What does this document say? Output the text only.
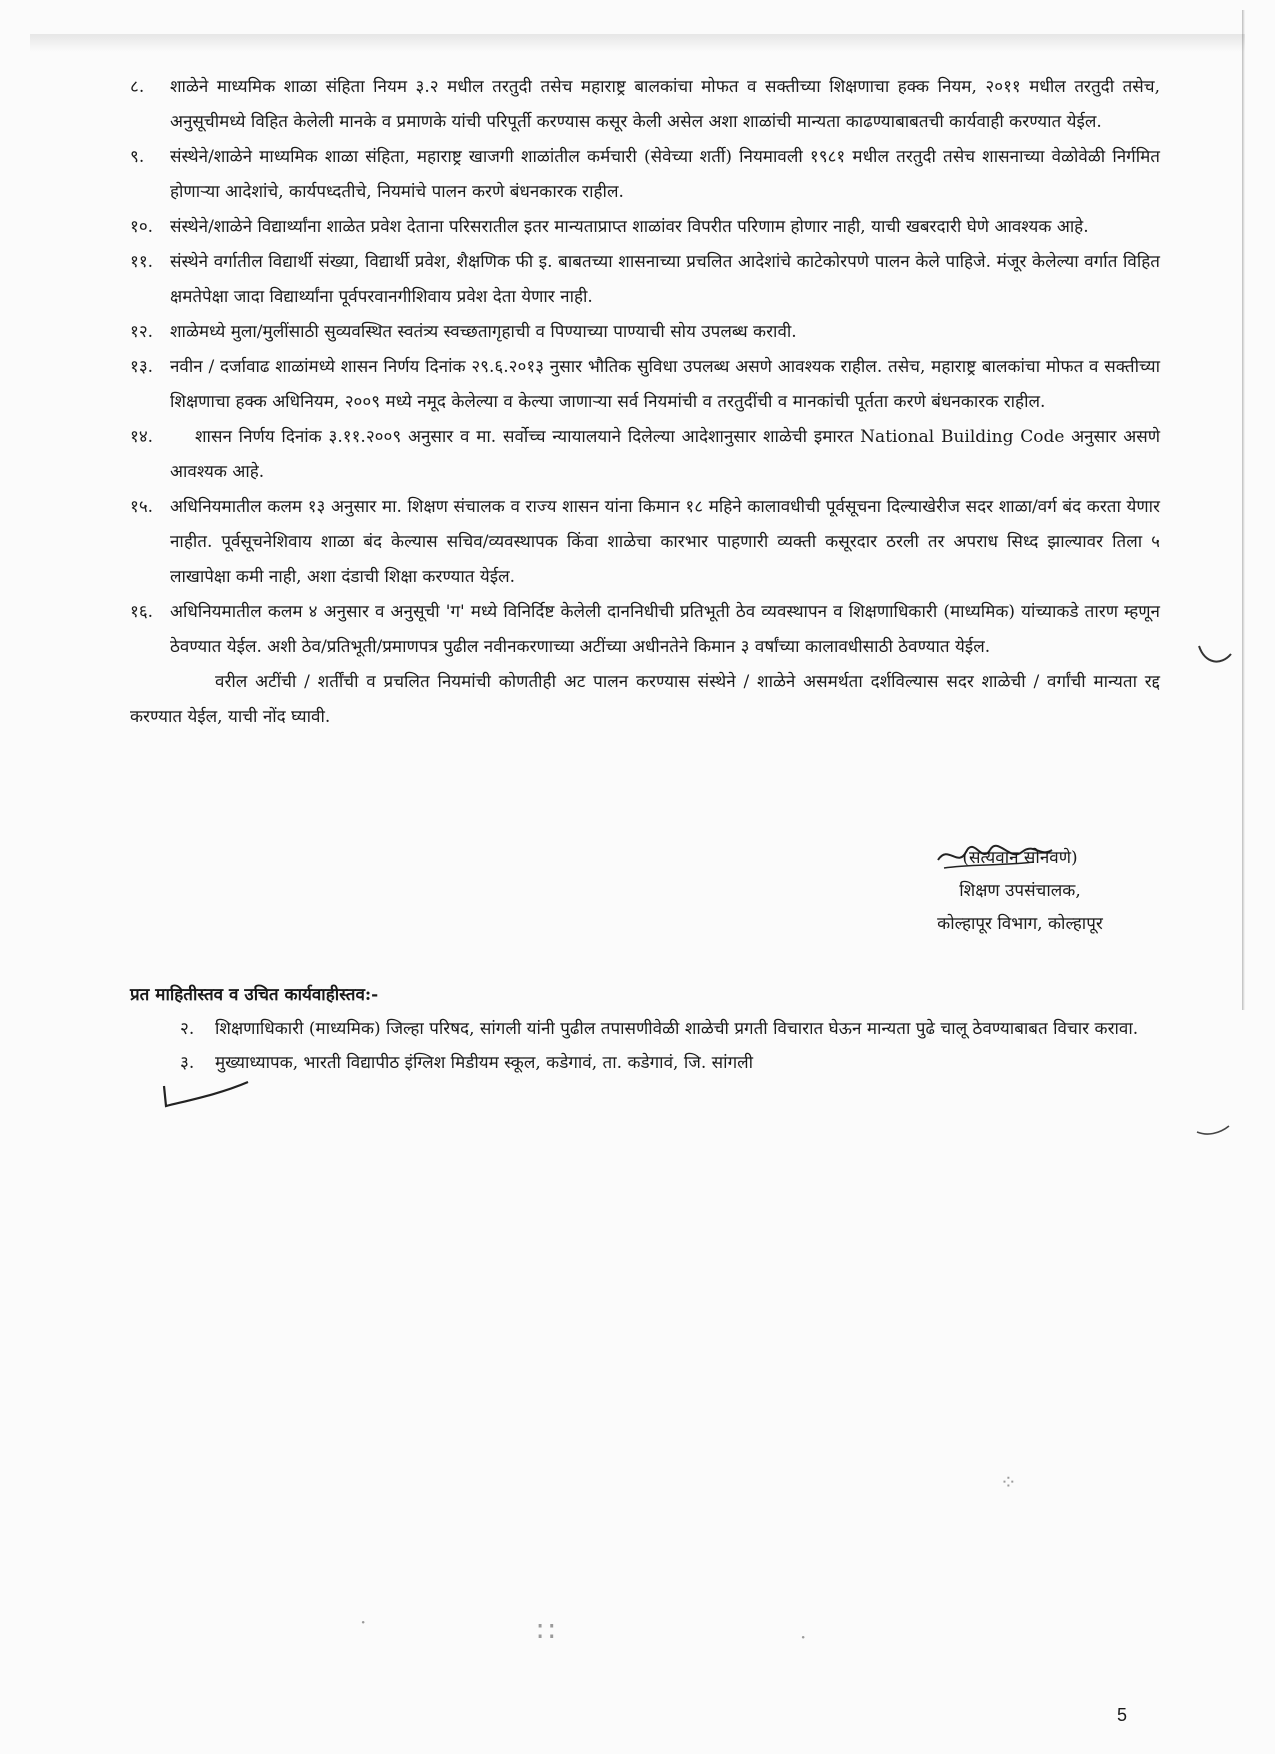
८. शाळेने माध्यमिक शाळा संहिता नियम ३.२ मधील तरतुदी तसेच महाराष्ट्र बालकांचा मोफत व सक्तीच्या शिक्षणाचा हक्क नियम, २०११ मधील तरतुदी तसेच, अनुसूचीमध्ये विहित केलेली मानके व प्रमाणके यांची परिपूर्ती करण्यास कसूर केली असेल अशा शाळांची मान्यता काढण्याबाबतची कार्यवाही करण्यात येईल.

९. संस्थेने/शाळेने माध्यमिक शाळा संहिता, महाराष्ट्र खाजगी शाळांतील कर्मचारी (सेवेच्या शर्ती) नियमावली १९८१ मधील तरतुदी तसेच शासनाच्या वेळोवेळी निर्गमित होणाऱ्या आदेशांचे, कार्यपध्दतीचे, नियमांचे पालन करणे बंधनकारक राहील.

१०. संस्थेने/शाळेने विद्यार्थ्यांना शाळेत प्रवेश देताना परिसरातील इतर मान्यताप्राप्त शाळांवर विपरीत परिणाम होणार नाही, याची खबरदारी घेणे आवश्यक आहे.

११. संस्थेने वर्गातील विद्यार्थी संख्या, विद्यार्थी प्रवेश, शैक्षणिक फी इ. बाबतच्या शासनाच्या प्रचलित आदेशांचे काटेकोरपणे पालन केले पाहिजे. मंजूर केलेल्या वर्गात विहित क्षमतेपेक्षा जादा विद्यार्थ्यांना पूर्वपरवानगीशिवाय प्रवेश देता येणार नाही.

१२. शाळेमध्ये मुला/मुलींसाठी सुव्यवस्थित स्वतंत्र्य स्वच्छतागृहाची व पिण्याच्या पाण्याची सोय उपलब्ध करावी.

१३. नवीन / दर्जावाढ शाळांमध्ये शासन निर्णय दिनांक २९.६.२०१३ नुसार भौतिक सुविधा उपलब्ध असणे आवश्यक राहील. तसेच, महाराष्ट्र बालकांचा मोफत व सक्तीच्या शिक्षणाचा हक्क अधिनियम, २००९ मध्ये नमूद केलेल्या व केल्या जाणाऱ्या सर्व नियमांची व तरतुदींची व मानकांची पूर्तता करणे बंधनकारक राहील.

१४. शासन निर्णय दिनांक ३.११.२००९ अनुसार व मा. सर्वोच्च न्यायालयाने दिलेल्या आदेशानुसार शाळेची इमारत National Building Code अनुसार असणे आवश्यक आहे.

१५. अधिनियमातील कलम १३ अनुसार मा. शिक्षण संचालक व राज्य शासन यांना किमान १८ महिने कालावधीची पूर्वसूचना दिल्याखेरीज सदर शाळा/वर्ग बंद करता येणार नाहीत. पूर्वसूचनेशिवाय शाळा बंद केल्यास सचिव/व्यवस्थापक किंवा शाळेचा कारभार पाहणारी व्यक्ती कसूरदार ठरली तर अपराध सिध्द झाल्यावर तिला ५ लाखापेक्षा कमी नाही, अशा दंडाची शिक्षा करण्यात येईल.

१६. अधिनियमातील कलम ४ अनुसार व अनुसूची 'ग' मध्ये विनिर्दिष्ट केलेली दाननिधीची प्रतिभूती ठेव व्यवस्थापन व शिक्षणाधिकारी (माध्यमिक) यांच्याकडे तारण म्हणून ठेवण्यात येईल. अशी ठेव/प्रतिभूती/प्रमाणपत्र पुढील नवीनकरणाच्या अटींच्या अधीनतेने किमान ३ वर्षांच्या कालावधीसाठी ठेवण्यात येईल.

वरील अटींची / शर्तींची व प्रचलित नियमांची कोणतीही अट पालन करण्यास संस्थेने / शाळेने असमर्थता दर्शविल्यास सदर शाळेची / वर्गांची मान्यता रद्द करण्यात येईल, याची नोंद घ्यावी.

(सत्यवान सोनवणे)
शिक्षण उपसंचालक,
कोल्हापूर विभाग, कोल्हापूर
प्रत माहितीस्तव व उचित कार्यवाहीस्तव:-

२. शिक्षणाधिकारी (माध्यमिक) जिल्हा परिषद, सांगली यांनी पुढील तपासणीवेळी शाळेची प्रगती विचारात घेऊन मान्यता पुढे चालू ठेवण्याबाबत विचार करावा.

३. मुख्याध्यापक, भारती विद्यापीठ इंग्लिश मिडीयम स्कूल, कडेगावं, ता. कडेगावं, जि. सांगली

⁘
∷	·
·
5
